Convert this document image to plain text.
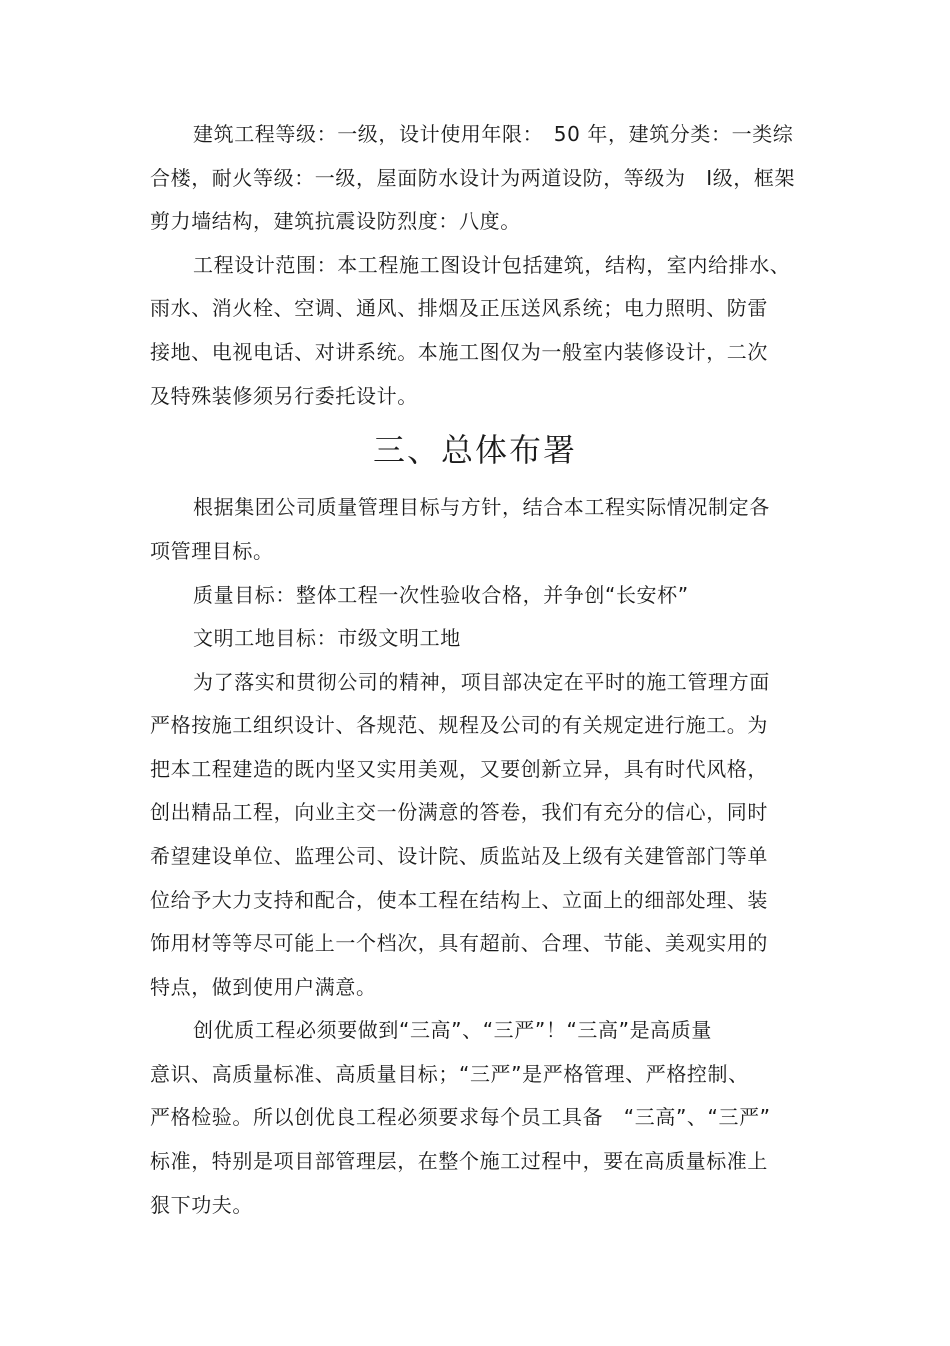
建筑工程等级：一级，设计使用年限：　50 年，建筑分类：一类综
合楼，耐火等级：一级，屋面防水设计为两道设防，等级为　Ⅰ级，框架
剪力墙结构，建筑抗震设防烈度：八度。
工程设计范围：本工程施工图设计包括建筑，结构，室内给排水、
雨水、消火栓、空调、通风、排烟及正压送风系统；电力照明、防雷
接地、电视电话、对讲系统。本施工图仅为一般室内装修设计，二次
及特殊装修须另行委托设计。
三、总体布署
根据集团公司质量管理目标与方针，结合本工程实际情况制定各
项管理目标。
质量目标：整体工程一次性验收合格，并争创“长安杯”
文明工地目标：市级文明工地
为了落实和贯彻公司的精神，项目部决定在平时的施工管理方面
严格按施工组织设计、各规范、规程及公司的有关规定进行施工。为
把本工程建造的既内坚又实用美观，又要创新立异，具有时代风格，
创出精品工程，向业主交一份满意的答卷，我们有充分的信心，同时
希望建设单位、监理公司、设计院、质监站及上级有关建管部门等单
位给予大力支持和配合，使本工程在结构上、立面上的细部处理、装
饰用材等等尽可能上一个档次，具有超前、合理、节能、美观实用的
特点，做到使用户满意。
创优质工程必须要做到“三高”、“三严”！“三高”是高质量
意识、高质量标准、高质量目标；“三严”是严格管理、严格控制、
严格检验。所以创优良工程必须要求每个员工具备　“三高”、“三严”
标准，特别是项目部管理层，在整个施工过程中，要在高质量标准上
狠下功夫。
